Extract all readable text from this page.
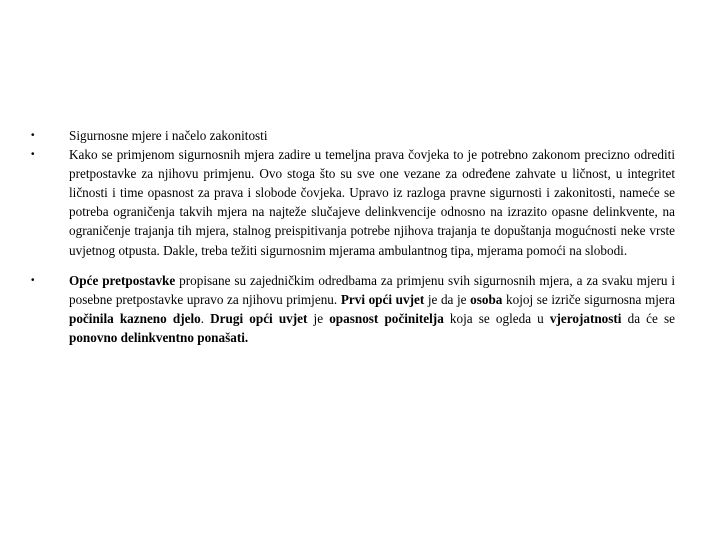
•	Sigurnosne mjere i načelo zakonitosti
•	Kako se primjenom sigurnosnih mjera zadire u temeljna prava čovjeka to je potrebno zakonom precizno odrediti pretpostavke za njihovu primjenu. Ovo stoga što su sve one vezane za određene zahvate u ličnost, u integritet ličnosti i time opasnost za prava i slobode čovjeka. Upravo iz razloga pravne sigurnosti i zakonitosti, nameće se potreba ograničenja takvih mjera na najteže slučajeve delinkvencije odnosno na izrazito opasne delinkvente, na ograničenje trajanja tih mjera, stalnog preispitivanja potrebe njihova trajanja te dopuštanja mogućnosti neke vrste uvjetnog otpusta. Dakle, treba težiti sigurnosnim mjerama ambulantnog tipa, mjerama pomoći na slobodi.
•	Opće pretpostavke propisane su zajedničkim odredbama za primjenu svih sigurnosnih mjera, a za svaku mjeru i posebne pretpostavke upravo za njihovu primjenu. Prvi opći uvjet je da je osoba kojoj se izriče sigurnosna mjera počinila kazneno djelo. Drugi opći uvjet je opasnost počinitelja koja se ogleda u vjerojatnosti da će se ponovno delinkventno ponašati.
